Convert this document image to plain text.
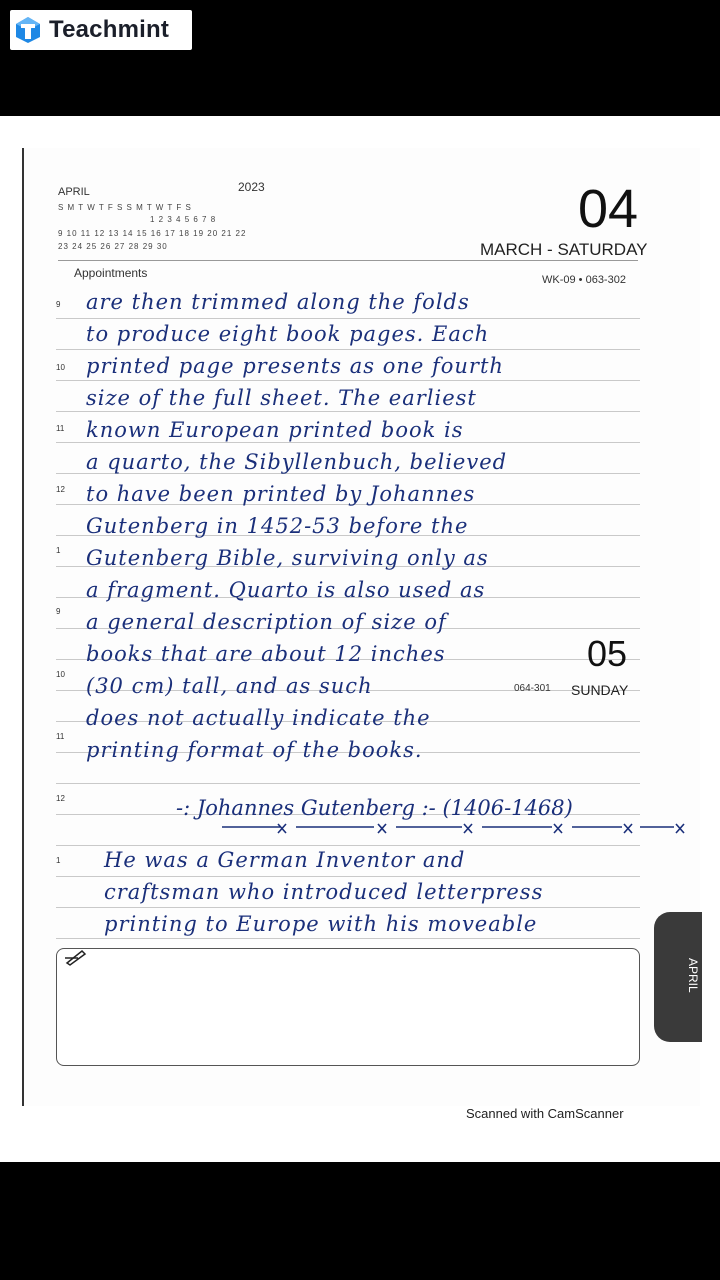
Teachmint
APRIL	2023
S M T W T F S S M T W T F S
1 2 3 4 5 6 7 8
9 10 11 12 13 14 15 16 17 18 19 20 21 22
23 24 25 26 27 28 29 30
04
MARCH - SATURDAY
Appointments	WK-09 • 063-302
9
10
11
12
1
9
10
11
12
1
are then trimmed along the folds
to produce eight book pages. Each
printed page presents as one fourth
size of the full sheet. The earliest
known European printed book is
a quarto, the Sibyllenbuch, believed
to have been printed by Johannes
Gutenberg in 1452-53 before the
Gutenberg Bible, surviving only as
a fragment. Quarto is also used as
a general description of size of
books that are about 12 inches
(30 cm) tall, and as such
does not actually indicate the
printing format of the books.
05
064-301 SUNDAY
-: Johannes Gutenberg :- (1406-1468)
He was a German Inventor and
craftsman who introduced letterpress
printing to Europe with his moveable
APRIL
Scanned with CamScanner
